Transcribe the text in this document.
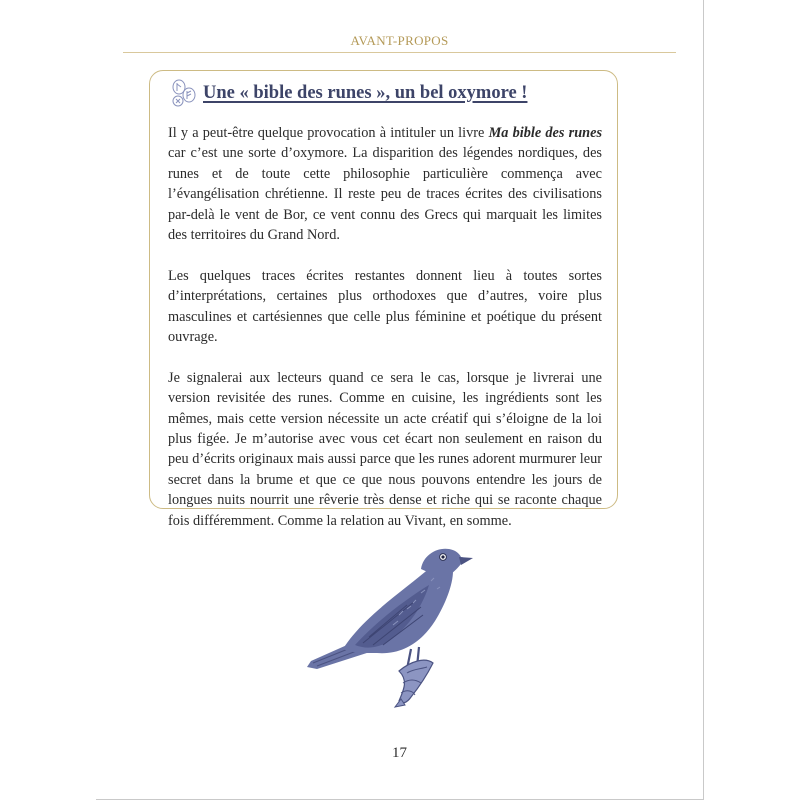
AVANT-PROPOS
Une « bible des runes », un bel oxymore !

Il y a peut-être quelque provocation à intituler un livre Ma bible des runes car c’est une sorte d’oxymore. La disparition des légendes nordiques, des runes et de toute cette philosophie particulière commença avec l’évangélisation chrétienne. Il reste peu de traces écrites des civilisations par-delà le vent de Bor, ce vent connu des Grecs qui marquait les limites des territoires du Grand Nord.

Les quelques traces écrites restantes donnent lieu à toutes sortes d’interprétations, certaines plus orthodoxes que d’autres, voire plus masculines et cartésiennes que celle plus féminine et poétique du présent ouvrage.

Je signalerai aux lecteurs quand ce sera le cas, lorsque je livrerai une version revisitée des runes. Comme en cuisine, les ingrédients sont les mêmes, mais cette version nécessite un acte créatif qui s’éloigne de la loi plus figée. Je m’autorise avec vous cet écart non seulement en raison du peu d’écrits originaux mais aussi parce que les runes adorent murmurer leur secret dans la brume et que ce que nous pouvons entendre les jours de longues nuits nourrit une rêverie très dense et riche qui se raconte chaque fois différemment. Comme la relation au Vivant, en somme.

17
